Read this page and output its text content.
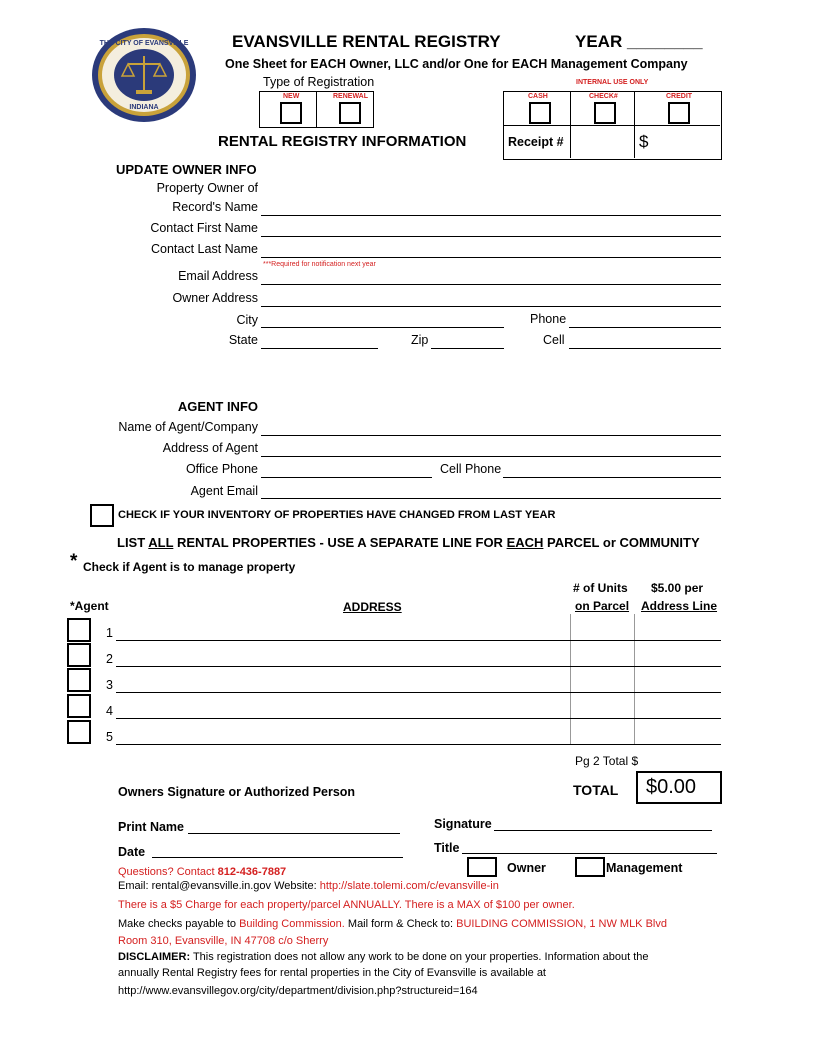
THE CITY OF EVANSVILLE
INDIANA
EVANSVILLE RENTAL REGISTRY	YEAR ________
One Sheet for EACH Owner, LLC and/or One for EACH Management Company
Type of Registration
NEW	RENEWAL
INTERNAL USE ONLY
CASH	CHECK#	CREDIT
Receipt #	$
RENTAL REGISTRY INFORMATION
UPDATE OWNER INFO
Property Owner of
Record's Name
Contact First Name
Contact Last Name
***Required for notification next year
Email Address
Owner Address
City	Phone
State	Zip	Cell
AGENT INFO
Name of Agent/Company
Address of Agent
Office Phone	Cell Phone
Agent Email
CHECK IF YOUR INVENTORY OF PROPERTIES HAVE CHANGED FROM LAST YEAR
LIST ALL RENTAL PROPERTIES - USE A SEPARATE LINE FOR EACH PARCEL or COMMUNITY
* Check if Agent is to manage property
# of Units
on Parcel
$5.00 per
Address Line
*Agent	ADDRESS
1
2
3
4
5
Pg 2 Total $
TOTAL $0.00
Owners Signature or Authorized Person
Print Name	Signature
Date	Title
Owner	Management
Questions? Contact 812-436-7887
Email: rental@evansville.in.gov Website: http://slate.tolemi.com/c/evansville-in
There is a $5 Charge for each property/parcel ANNUALLY. There is a MAX of $100 per owner.
Make checks payable to Building Commission. Mail form & Check to: BUILDING COMMISSION, 1 NW MLK Blvd
Room 310, Evansville, IN 47708 c/o Sherry
DISCLAIMER: This registration does not allow any work to be done on your properties. Information about the
annually Rental Registry fees for rental properties in the City of Evansville is available at
http://www.evansvillegov.org/city/department/division.php?structureid=164
